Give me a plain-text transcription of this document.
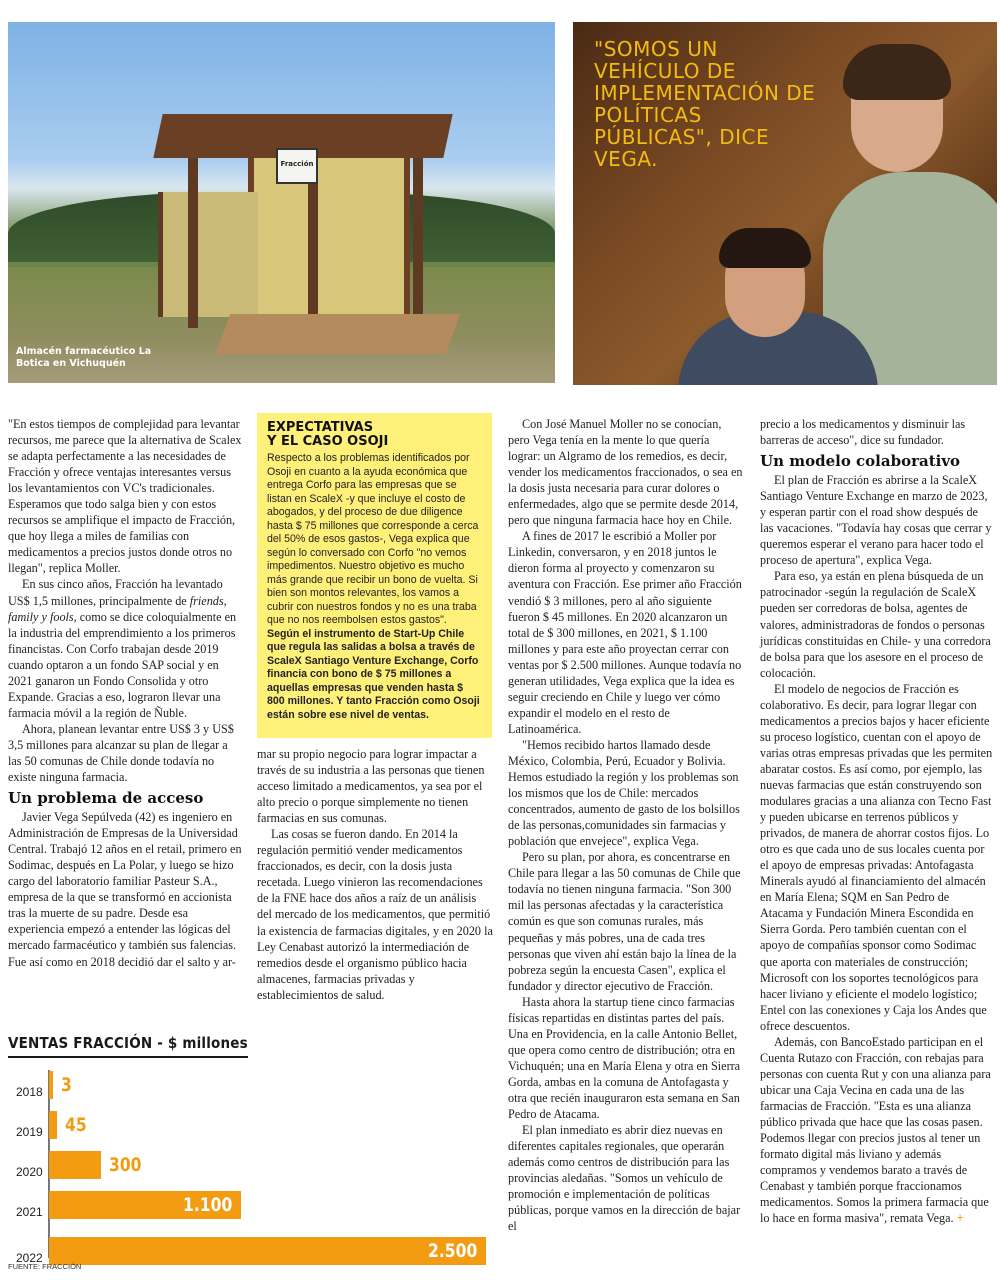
Fracción
Almacén farmacéutico La Botica en Vichuquén
"SOMOS UN VEHÍCULO DE IMPLEMENTACIÓN DE POLÍTICAS PÚBLICAS", DICE VEGA.

"En estos tiempos de complejidad para levantar recursos, me parece que la alternativa de Scalex se adapta perfectamente a las necesidades de Fracción y ofrece ventajas interesantes versus los levantamientos con VC's tradicionales. Esperamos que todo salga bien y con estos recursos se amplifique el impacto de Fracción, que hoy llega a miles de familias con medicamentos a precios justos donde otros no llegan", replica Moller.

En sus cinco años, Fracción ha levantado US$ 1,5 millones, principalmente de friends, family y fools, como se dice coloquialmente en la industria del emprendimiento a los primeros financistas. Con Corfo trabajan desde 2019 cuando optaron a un fondo SAP social y en 2021 ganaron un Fondo Consolida y otro Expande. Gracias a eso, lograron llevar una farmacia móvil a la región de Ñuble.

Ahora, planean levantar entre US$ 3 y US$ 3,5 millones para alcanzar su plan de llegar a las 50 comunas de Chile donde todavía no existe ninguna farmacia.

Un problema de acceso

Javier Vega Sepúlveda (42) es ingeniero en Administración de Empresas de la Universidad Central. Trabajó 12 años en el retail, primero en Sodimac, después en La Polar, y luego se hizo cargo del laboratorio familiar Pasteur S.A., empresa de la que se transformó en accionista tras la muerte de su padre. Desde esa experiencia empezó a entender las lógicas del mercado farmacéutico y también sus falencias. Fue así como en 2018 decidió dar el salto y ar-

EXPECTATIVAS
Y EL CASO OSOJI

Respecto a los problemas identificados por Osoji en cuanto a la ayuda económica que entrega Corfo para las empresas que se listan en ScaleX -y que incluye el costo de abogados, y del proceso de due diligence hasta $ 75 millones que corresponde a cerca del 50% de esos gastos-, Vega explica que según lo conversado con Corfo "no vemos impedimentos. Nuestro objetivo es mucho más grande que recibir un bono de vuelta. Si bien son montos relevantes, los vamos a cubrir con nuestros fondos y no es una traba que no nos reembolsen estos gastos".

Según el instrumento de Start-Up Chile que regula las salidas a bolsa a través de ScaleX Santiago Venture Exchange, Corfo financia con bono de $ 75 millones a aquellas empresas que venden hasta $ 800 millones. Y tanto Fracción como Osoji están sobre ese nivel de ventas.

mar su propio negocio para lograr impactar a través de su industria a las personas que tienen acceso limitado a medicamentos, ya sea por el alto precio o porque simplemente no tienen farmacias en sus comunas.

Las cosas se fueron dando. En 2014 la regulación permitió vender medicamentos fraccionados, es decir, con la dosis justa recetada. Luego vinieron las recomendaciones de la FNE hace dos años a raíz de un análisis del mercado de los medicamentos, que permitió la existencia de farmacias digitales, y en 2020 la Ley Cenabast autorizó la intermediación de remedios desde el organismo público hacia almacenes, farmacias privadas y establecimientos de salud.

Con José Manuel Moller no se conocían, pero Vega tenía en la mente lo que quería lograr: un Algramo de los remedios, es decir, vender los medicamentos fraccionados, o sea en la dosis justa necesaria para curar dolores o enfermedades, algo que se permite desde 2014, pero que ninguna farmacia hace hoy en Chile.

A fines de 2017 le escribió a Moller por Linkedin, conversaron, y en 2018 juntos le dieron forma al proyecto y comenzaron su aventura con Fracción. Ese primer año Fracción vendió $ 3 millones, pero al año siguiente fueron $ 45 millones. En 2020 alcanzaron un total de $ 300 millones, en 2021, $ 1.100 millones y para este año proyectan cerrar con ventas por $ 2.500 millones. Aunque todavía no generan utilidades, Vega explica que la idea es seguir creciendo en Chile y luego ver cómo expandir el modelo en el resto de Latinoamérica.

"Hemos recibido hartos llamado desde México, Colombia, Perú, Ecuador y Bolivia. Hemos estudiado la región y los problemas son los mismos que los de Chile: mercados concentrados, aumento de gasto de los bolsillos de las personas,comunidades sin farmacias y población que envejece", explica Vega.

Pero su plan, por ahora, es concentrarse en Chile para llegar a las 50 comunas de Chile que todavía no tienen ninguna farmacia. "Son 300 mil las personas afectadas y la característica común es que son comunas rurales, más pequeñas y más pobres, una de cada tres personas que viven ahí están bajo la línea de la pobreza según la encuesta Casen", explica el fundador y director ejecutivo de Fracción.

Hasta ahora la startup tiene cinco farmacias físicas repartidas en distintas partes del país. Una en Providencia, en la calle Antonio Bellet, que opera como centro de distribución; otra en Vichuquén; una en María Elena y otra en Sierra Gorda, ambas en la comuna de Antofagasta y otra que recién inauguraron esta semana en San Pedro de Atacama.

El plan inmediato es abrir diez nuevas en diferentes capitales regionales, que operarán además como centros de distribución para las provincias aledañas. "Somos un vehículo de promoción e implementación de políticas públicas, porque vamos en la dirección de bajar el

precio a los medicamentos y disminuir las barreras de acceso", dice su fundador.

Un modelo colaborativo

El plan de Fracción es abrirse a la ScaleX Santiago Venture Exchange en marzo de 2023, y esperan partir con el road show después de las vacaciones. "Todavía hay cosas que cerrar y queremos esperar el verano para hacer todo el proceso de apertura", explica Vega.

Para eso, ya están en plena búsqueda de un patrocinador -según la regulación de ScaleX pueden ser corredoras de bolsa, agentes de valores, administradoras de fondos o personas jurídicas constituidas en Chile- y una corredora de bolsa para que los asesore en el proceso de colocación.

El modelo de negocios de Fracción es colaborativo. Es decir, para lograr llegar con medicamentos a precios bajos y hacer eficiente su proceso logístico, cuentan con el apoyo de varias otras empresas privadas que les permiten abaratar costos. Es así como, por ejemplo, las nuevas farmacias que están construyendo son modulares gracias a una alianza con Tecno Fast y pueden ubicarse en terrenos públicos y privados, de manera de ahorrar costos fijos. Lo otro es que cada uno de sus locales cuenta por el apoyo de empresas privadas: Antofagasta Minerals ayudó al financiamiento del almacén en María Elena; SQM en San Pedro de Atacama y Fundación Minera Escondida en Sierra Gorda. Pero también cuentan con el apoyo de compañías sponsor como Sodimac que aporta con materiales de construcción; Microsoft con los soportes tecnológicos para hacer liviano y eficiente el modelo logístico; Entel con las conexiones y Caja los Andes que ofrece descuentos.

Además, con BancoEstado participan en el Cuenta Rutazo con Fracción, con rebajas para personas con cuenta Rut y con una alianza para ubicar una Caja Vecina en cada una de las farmacias de Fracción. "Esta es una alianza público privada que hace que las cosas pasen. Podemos llegar con precios justos al tener un formato digital más liviano y además compramos y vendemos barato a través de Cenabast y también porque fraccionamos medicamentos. Somos la primera farmacia que lo hace en forma masiva", remata Vega. +

VENTAS FRACCIÓN - $ millones
2018 3
2019 45
2020	300
2021	1.100
2022	2.500
FUENTE: FRACCIÓN
